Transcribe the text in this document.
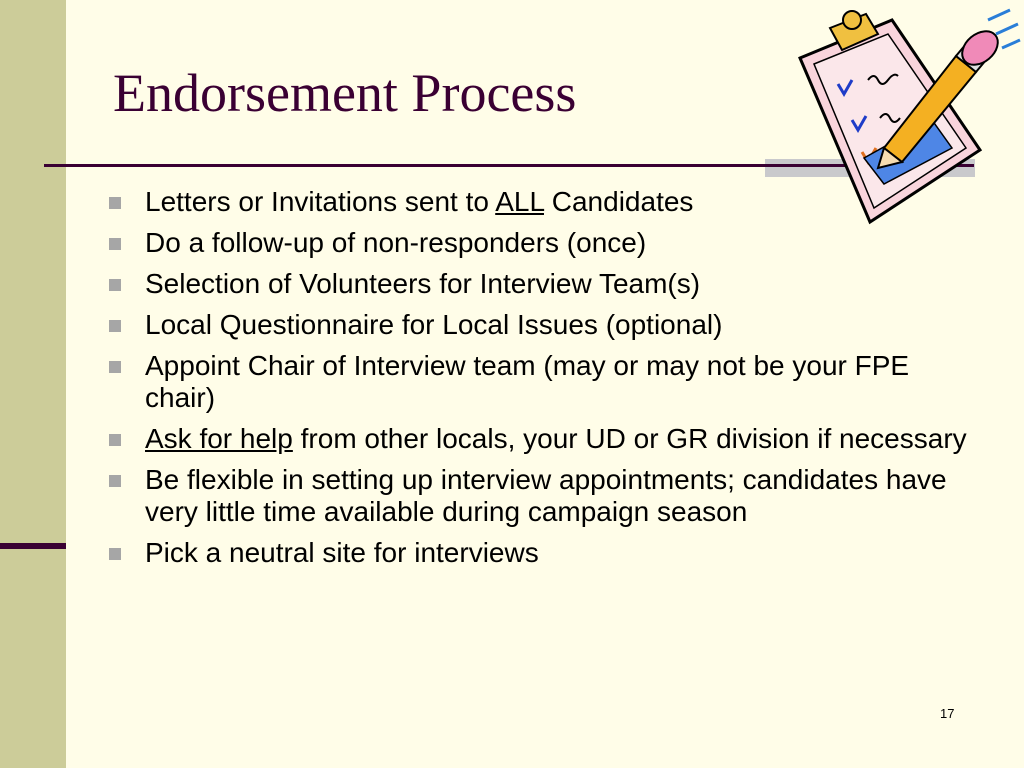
Endorsement Process
Letters or Invitations sent to ALL Candidates
Do a follow-up of non-responders (once)
Selection of Volunteers for Interview Team(s)
Local Questionnaire for Local Issues (optional)
Appoint Chair of Interview team (may or may not be your FPE chair)
Ask for help from other locals, your UD or GR division if necessary
Be flexible in setting up interview appointments; candidates have very little time available during campaign season
Pick a neutral site for interviews
17
